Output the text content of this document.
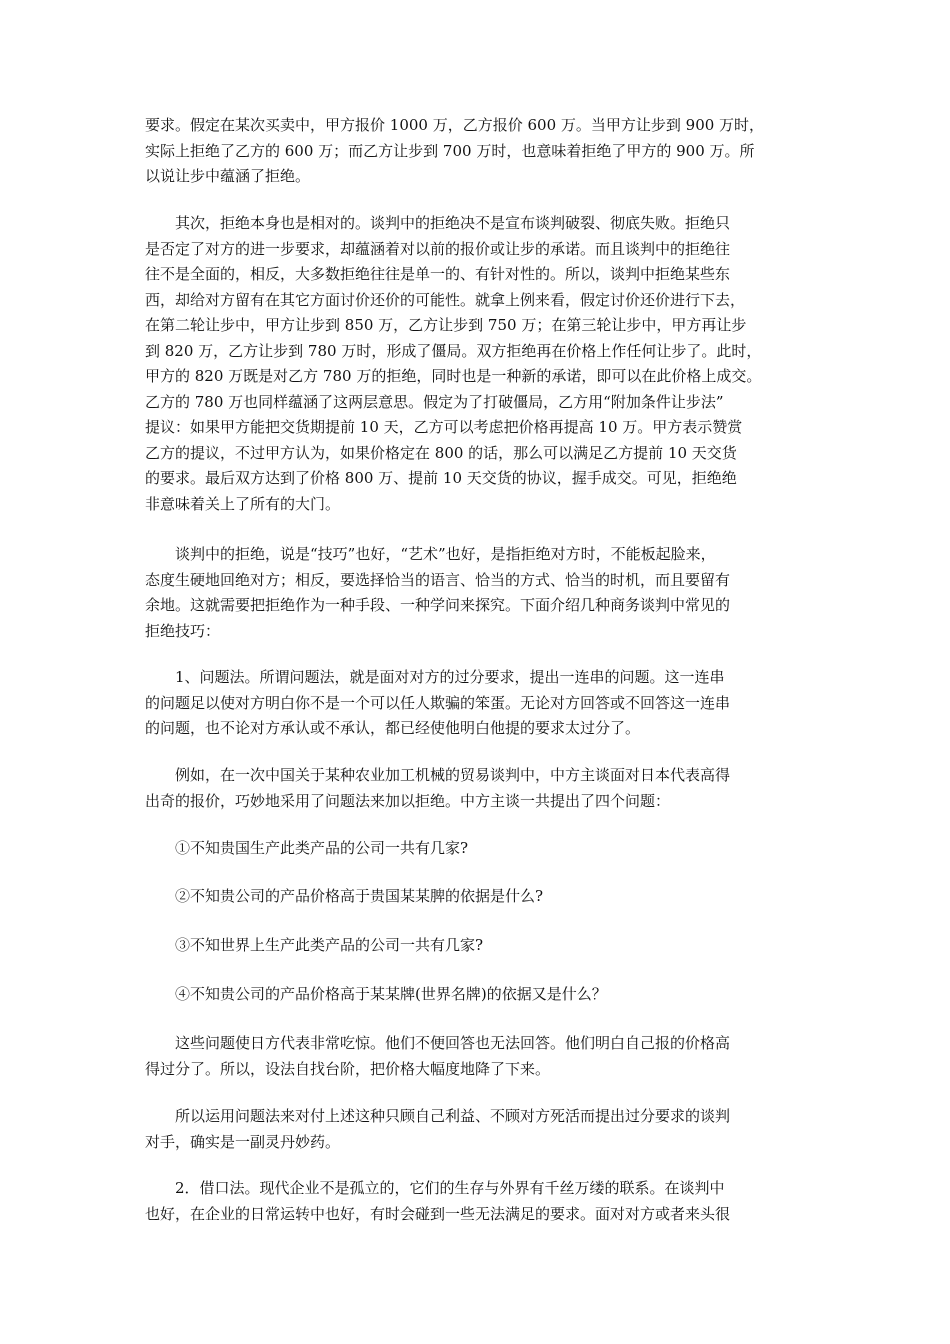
要求。假定在某次买卖中，甲方报价 1000 万，乙方报价 600 万。当甲方让步到 900 万时，
实际上拒绝了乙方的 600 万；而乙方让步到 700 万时，也意味着拒绝了甲方的 900 万。所
以说让步中蕴涵了拒绝。

　　其次，拒绝本身也是相对的。谈判中的拒绝决不是宣布谈判破裂、彻底失败。拒绝只
是否定了对方的进一步要求，却蕴涵着对以前的报价或让步的承诺。而且谈判中的拒绝往
往不是全面的，相反，大多数拒绝往往是单一的、有针对性的。所以，谈判中拒绝某些东
西，却给对方留有在其它方面讨价还价的可能性。就拿上例来看，假定讨价还价进行下去，
在第二轮让步中，甲方让步到 850 万，乙方让步到 750 万；在第三轮让步中，甲方再让步
到 820 万，乙方让步到 780 万时，形成了僵局。双方拒绝再在价格上作任何让步了。此时，
甲方的 820 万既是对乙方 780 万的拒绝，同时也是一种新的承诺，即可以在此价格上成交。
乙方的 780 万也同样蕴涵了这两层意思。假定为了打破僵局，乙方用“附加条件让步法”
提议：如果甲方能把交货期提前 10 天，乙方可以考虑把价格再提高 10 万。甲方表示赞赏
乙方的提议，不过甲方认为，如果价格定在 800 的话，那么可以满足乙方提前 10 天交货
的要求。最后双方达到了价格 800 万、提前 10 天交货的协议，握手成交。可见，拒绝绝
非意味着关上了所有的大门。

　　谈判中的拒绝，说是“技巧”也好，“艺术”也好，是指拒绝对方时，不能板起脸来，
态度生硬地回绝对方；相反，要选择恰当的语言、恰当的方式、恰当的时机，而且要留有
余地。这就需要把拒绝作为一种手段、一种学问来探究。下面介绍几种商务谈判中常见的
拒绝技巧：

　　1、问题法。所谓问题法，就是面对对方的过分要求，提出一连串的问题。这一连串
的问题足以使对方明白你不是一个可以任人欺骗的笨蛋。无论对方回答或不回答这一连串
的问题，也不论对方承认或不承认，都已经使他明白他提的要求太过分了。

　　例如，在一次中国关于某种农业加工机械的贸易谈判中，中方主谈面对日本代表高得
出奇的报价，巧妙地采用了问题法来加以拒绝。中方主谈一共提出了四个问题：

①不知贵国生产此类产品的公司一共有几家?

②不知贵公司的产品价格高于贵国某某脾的依据是什么?

③不知世界上生产此类产品的公司一共有几家?

④不知贵公司的产品价格高于某某牌(世界名牌)的依据又是什么？

　　这些问题使日方代表非常吃惊。他们不便回答也无法回答。他们明白自己报的价格高
得过分了。所以，设法自找台阶，把价格大幅度地降了下来。

　　所以运用问题法来对付上述这种只顾自己利益、不顾对方死活而提出过分要求的谈判
对手，确实是一副灵丹妙药。

　　2．借口法。现代企业不是孤立的，它们的生存与外界有千丝万缕的联系。在谈判中
也好，在企业的日常运转中也好，有时会碰到一些无法满足的要求。面对对方或者来头很
